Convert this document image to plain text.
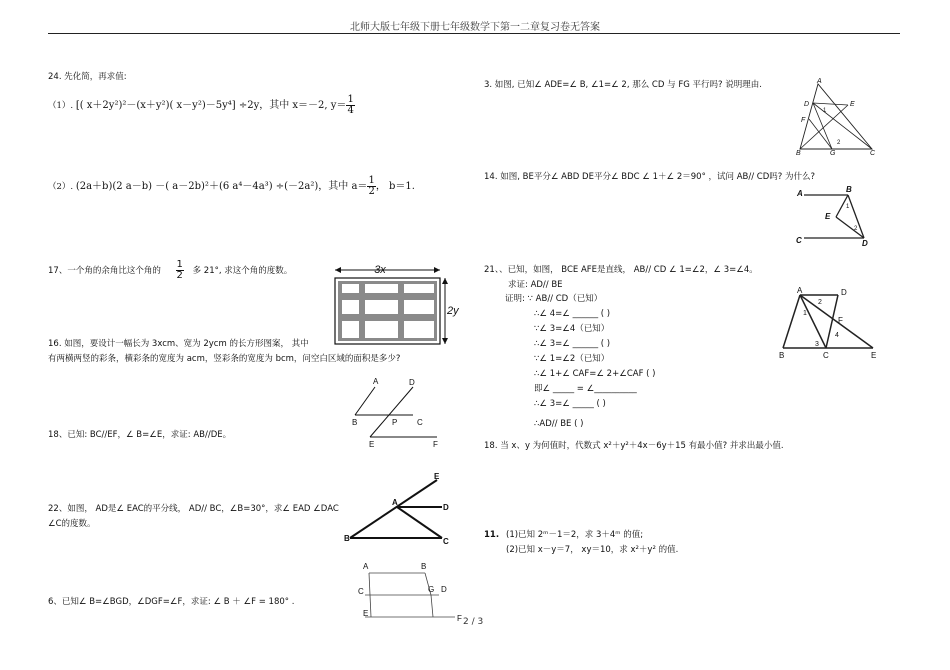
北师大版七年级下册七年级数学下第一二章复习卷无答案
24. 先化简，再求值:
（1）. [( x＋2y²)²－(x＋y²)( x－y²)－5y⁴] ÷2y，其中 x＝－2, $y= \frac{1}{4}$
（2）. (2a＋b)(2 a－b) －( a－2b)²＋(6 a⁴－4a³) ÷(－2a²)，其中 $a= \frac{1}{2}$ ， b＝1.
17、一个角的余角比这个角的 $\frac{1}{2}$ 多 21°, 求这个角的度数。
16. 如图，要设计一幅长为 3xcm、宽为 2ycm 的长方形图案， 其中
有两横两竖的彩条，横彩条的宽度为 acm，竖彩条的宽度为 bcm，问空白区域的面积是多少?
18、已知: BC//EF，∠ B=∠E，求证: AB//DE。
22、如图， AD是∠ EAC的平分线， AD// BC，∠B=30°，求∠ EAD ∠DAC
∠C的度数。
6、已知∠ B=∠BGD，∠DGF=∠F，求证: ∠ B ＋ ∠F = 180° .
3x
2y
A	D
B	P C
E	F
E
A
D
B	C
A	B
C	G D
E
F
3. 如图, 已知∠ ADE=∠ B, ∠1=∠ 2, 那么 CD 与 FG 平行吗? 说明理由.
14. 如图, BE平分∠ ABD DE平分∠ BDC ∠ 1＋∠ 2＝90° ，试问 AB// CD吗? 为什么?
21、、已知，如图， BCE AFE是直线， AB// CD ∠ 1=∠2，∠ 3=∠4。
求证: AD// BE
证明: ∵ AB// CD（已知）
∴∠ 4=∠ ______ ( )
∵∠ 3=∠4（已知）
∴∠ 3=∠ ______ ( )
∵∠ 1=∠2（已知）
∴∠ 1+∠ CAF=∠ 2+∠CAF ( )
即∠ _____ = ∠__________
∴∠ 3=∠ _____ ( )
∴AD// BE ( )
18. 当 x、y 为何值时，代数式 x²＋y²＋4x－6y＋15 有最小值? 并求出最小值.
11. (1)已知 2ᵐ－1＝2，求 3＋4ᵐ 的值;
(2)已知 x－y＝7， xy＝10，求 x²＋y² 的值.
A
D	E
F
1
2
B	G	C
A	B
1
E
2
C	D
A	D
2
1
F
4
3
B	C	E
2 / 3
